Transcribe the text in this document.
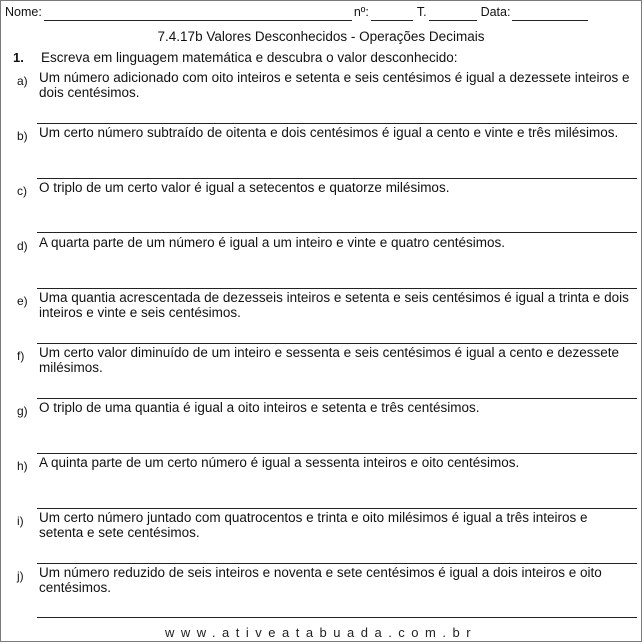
Nome:	nº:	T.	Data:
7.4.17b Valores Desconhecidos - Operações Decimais
1. Escreva em linguagem matemática e descubra o valor desconhecido:
a) Um número adicionado com oito inteiros e setenta e seis centésimos é igual a dezessete inteiros e dois centésimos.
b) Um certo número subtraído de oitenta e dois centésimos é igual a cento e vinte e três milésimos.
c) O triplo de um certo valor é igual a setecentos e quatorze milésimos.
d) A quarta parte de um número é igual a um inteiro e vinte e quatro centésimos.
e) Uma quantia acrescentada de dezesseis inteiros e setenta e seis centésimos é igual a trinta e dois inteiros e vinte e seis centésimos.
f) Um certo valor diminuído de um inteiro e sessenta e seis centésimos é igual a cento e dezessete milésimos.
g) O triplo de uma quantia é igual a oito inteiros e setenta e três centésimos.
h) A quinta parte de um certo número é igual a sessenta inteiros e oito centésimos.
i) Um certo número juntado com quatrocentos e trinta e oito milésimos é igual a três inteiros e setenta e sete centésimos.
j) Um número reduzido de seis inteiros e noventa e sete centésimos é igual a dois inteiros e oito centésimos.
www.ativeatabuada.com.br
